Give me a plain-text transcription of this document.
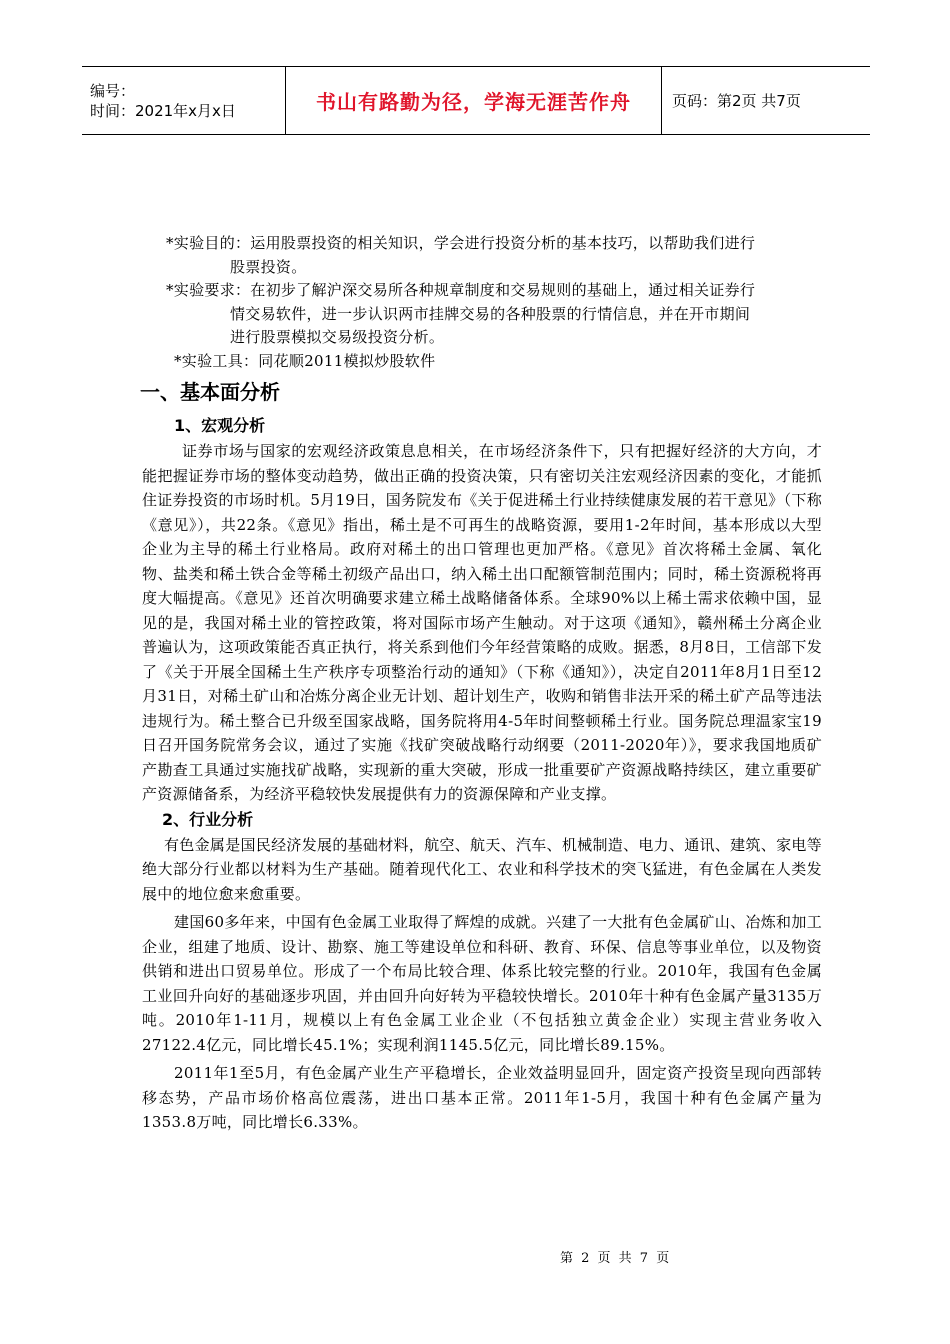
编号：
时间：2021年x月x日	书山有路勤为径，学海无涯苦作舟	页码：第2页 共7页

*实验目的：运用股票投资的相关知识，学会进行投资分析的基本技巧，以帮助我们进行

股票投资。

*实验要求：在初步了解沪深交易所各种规章制度和交易规则的基础上，通过相关证券行

情交易软件，进一步认识两市挂牌交易的各种股票的行情信息，并在开市期间

进行股票模拟交易级投资分析。

*实验工具：同花顺2011模拟炒股软件

一、基本面分析
1、宏观分析

证券市场与国家的宏观经济政策息息相关，在市场经济条件下，只有把握好经济的大方向，才能把握证券市场的整体变动趋势，做出正确的投资决策，只有密切关注宏观经济因素的变化，才能抓住证券投资的市场时机。5月19日，国务院发布《关于促进稀土行业持续健康发展的若干意见》（下称《意见》），共22条。《意见》指出，稀土是不可再生的战略资源，要用1-2年时间，基本形成以大型企业为主导的稀土行业格局。政府对稀土的出口管理也更加严格。《意见》首次将稀土金属、氧化物、盐类和稀土铁合金等稀土初级产品出口，纳入稀土出口配额管制范围内；同时，稀土资源税将再度大幅提高。《意见》还首次明确要求建立稀土战略储备体系。全球90%以上稀土需求依赖中国，显见的是，我国对稀土业的管控政策，将对国际市场产生触动。对于这项《通知》，赣州稀土分离企业普遍认为，这项政策能否真正执行，将关系到他们今年经营策略的成败。据悉，8月8日，工信部下发了《关于开展全国稀土生产秩序专项整治行动的通知》（下称《通知》），决定自2011年8月1日至12月31日，对稀土矿山和冶炼分离企业无计划、超计划生产，收购和销售非法开采的稀土矿产品等违法违规行为。稀土整合已升级至国家战略，国务院将用4-5年时间整顿稀土行业。国务院总理温家宝19日召开国务院常务会议，通过了实施《找矿突破战略行动纲要（2011-2020年）》，要求我国地质矿产勘查工具通过实施找矿战略，实现新的重大突破，形成一批重要矿产资源战略持续区，建立重要矿产资源储备系，为经济平稳较快发展提供有力的资源保障和产业支撑。

2、行业分析

有色金属是国民经济发展的基础材料，航空、航天、汽车、机械制造、电力、通讯、建筑、家电等绝大部分行业都以材料为生产基础。随着现代化工、农业和科学技术的突飞猛进，有色金属在人类发展中的地位愈来愈重要。

建国60多年来，中国有色金属工业取得了辉煌的成就。兴建了一大批有色金属矿山、冶炼和加工企业，组建了地质、设计、勘察、施工等建设单位和科研、教育、环保、信息等事业单位，以及物资供销和进出口贸易单位。形成了一个布局比较合理、体系比较完整的行业。2010年，我国有色金属工业回升向好的基础逐步巩固，并由回升向好转为平稳较快增长。2010年十种有色金属产量3135万吨。2010年1-11月，规模以上有色金属工业企业（不包括独立黄金企业）实现主营业务收入27122.4亿元，同比增长45.1%；实现利润1145.5亿元，同比增长89.15%。

2011年1至5月，有色金属产业生产平稳增长，企业效益明显回升，固定资产投资呈现向西部转移态势，产品市场价格高位震荡，进出口基本正常。2011年1-5月，我国十种有色金属产量为1353.8万吨，同比增长6.33%。

第 2 页 共 7 页
